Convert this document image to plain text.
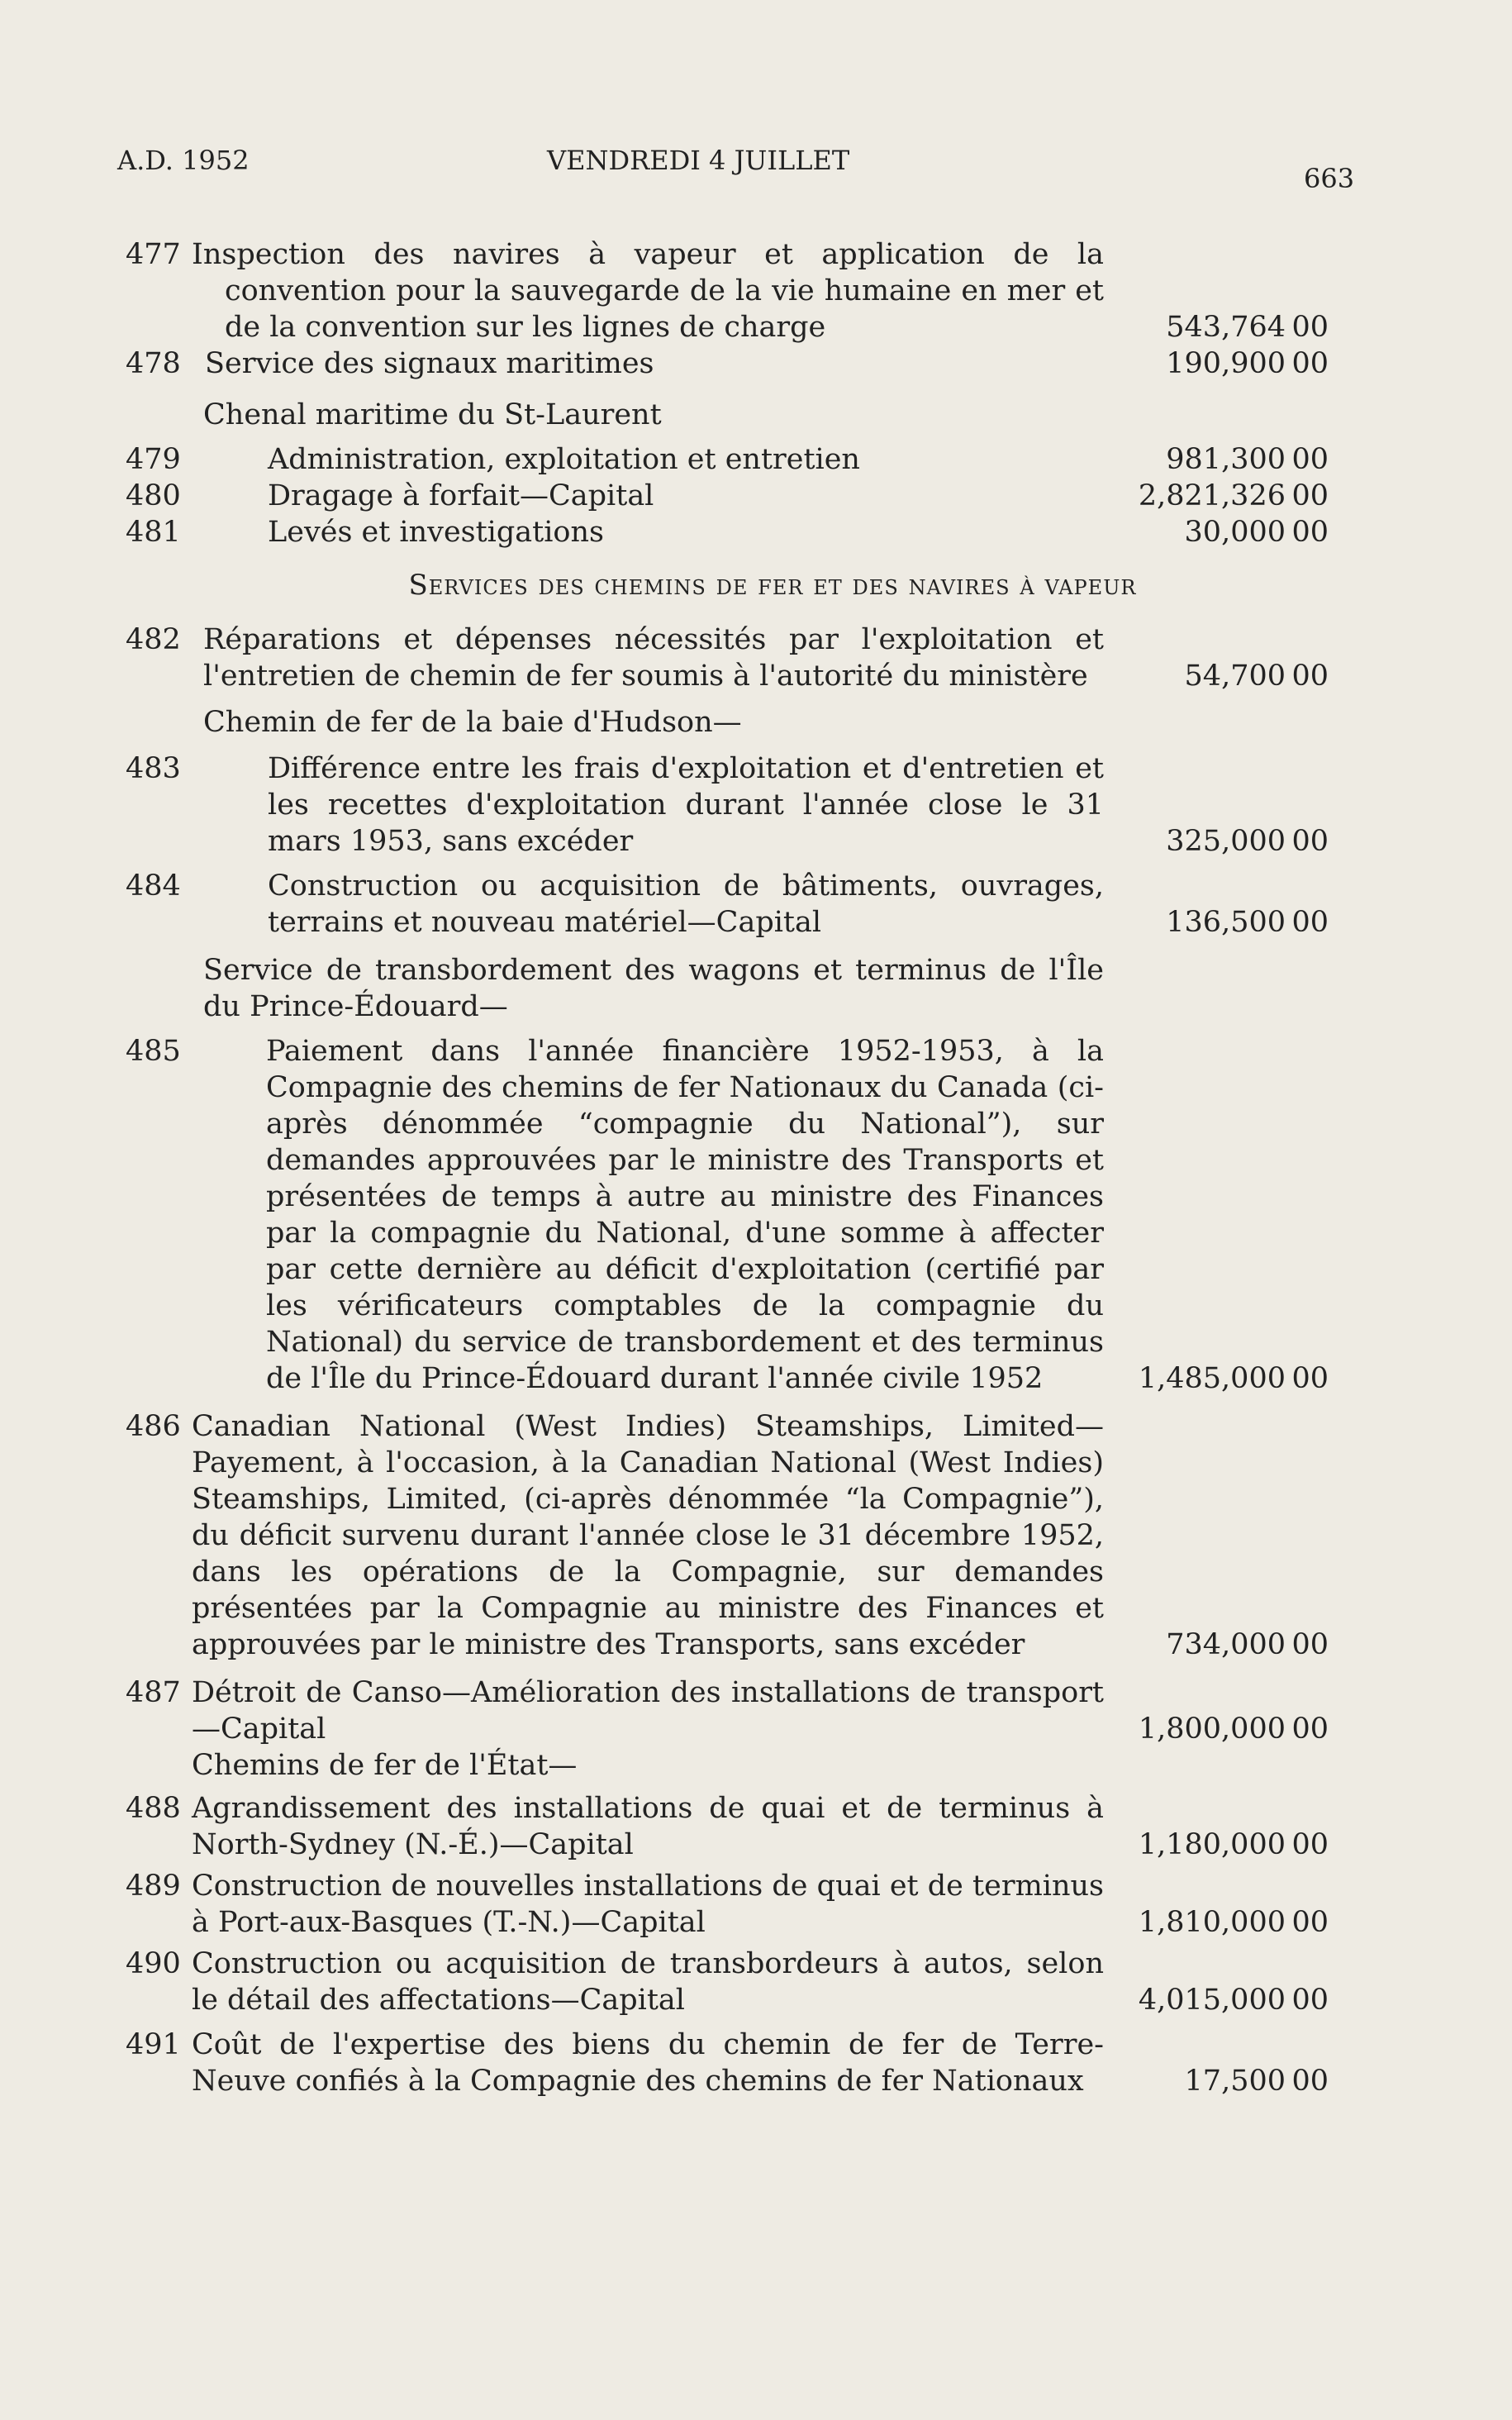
A.D. 1952	VENDREDI 4 JUILLET
663
477 Inspection des navires à vapeur et application de la convention pour la sauvegarde de la vie humaine en mer et de la convention sur les lignes de charge	543,764 00
478 Service des signaux maritimes	190,900 00
Chenal maritime du St-Laurent
479	Administration, exploitation et entretien	981,300 00
480	Dragage à forfait—Capital	2,821,326 00
481	Levés et investigations	30,000 00
Services des chemins de fer et des navires à vapeur
482 Réparations et dépenses nécessités par l'exploitation et l'entretien de chemin de fer soumis à l'autorité du ministère	54,700 00
Chemin de fer de la baie d'Hudson—
483	Différence entre les frais d'exploitation et d'entretien et les recettes d'exploitation durant l'année close le 31 mars 1953, sans excéder	325,000 00
484	Construction ou acquisition de bâtiments, ouvrages, terrains et nouveau matériel—Capital	136,500 00
Service de transbordement des wagons et terminus de l'Île du Prince-Édouard—
485	Paiement dans l'année financière 1952-1953, à la Compagnie des chemins de fer Nationaux du Canada (ci-après dénommée “compagnie du National”), sur demandes approuvées par le ministre des Transports et présentées de temps à autre au ministre des Finances par la compagnie du National, d'une somme à affecter par cette dernière au déficit d'exploitation (certifié par les vérificateurs comptables de la compagnie du National) du service de transbordement et des terminus de l'Île du Prince-Édouard durant l'année civile 1952	1,485,000 00
486 Canadian National (West Indies) Steamships, Limited—Payement, à l'occasion, à la Canadian National (West Indies) Steamships, Limited, (ci-après dénommée “la Compagnie”), du déficit survenu durant l'année close le 31 décembre 1952, dans les opérations de la Compagnie, sur demandes présentées par la Compagnie au ministre des Finances et approuvées par le ministre des Transports, sans excéder	734,000 00
487 Détroit de Canso—Amélioration des installations de transport—Capital	1,800,000 00
Chemins de fer de l'État—
488 Agrandissement des installations de quai et de terminus à North-Sydney (N.-É.)—Capital	1,180,000 00
489 Construction de nouvelles installations de quai et de terminus à Port-aux-Basques (T.-N.)—Capital	1,810,000 00
490 Construction ou acquisition de transbordeurs à autos, selon le détail des affectations—Capital	4,015,000 00
491 Coût de l'expertise des biens du chemin de fer de Terre-Neuve confiés à la Compagnie des chemins de fer Nationaux	17,500 00
